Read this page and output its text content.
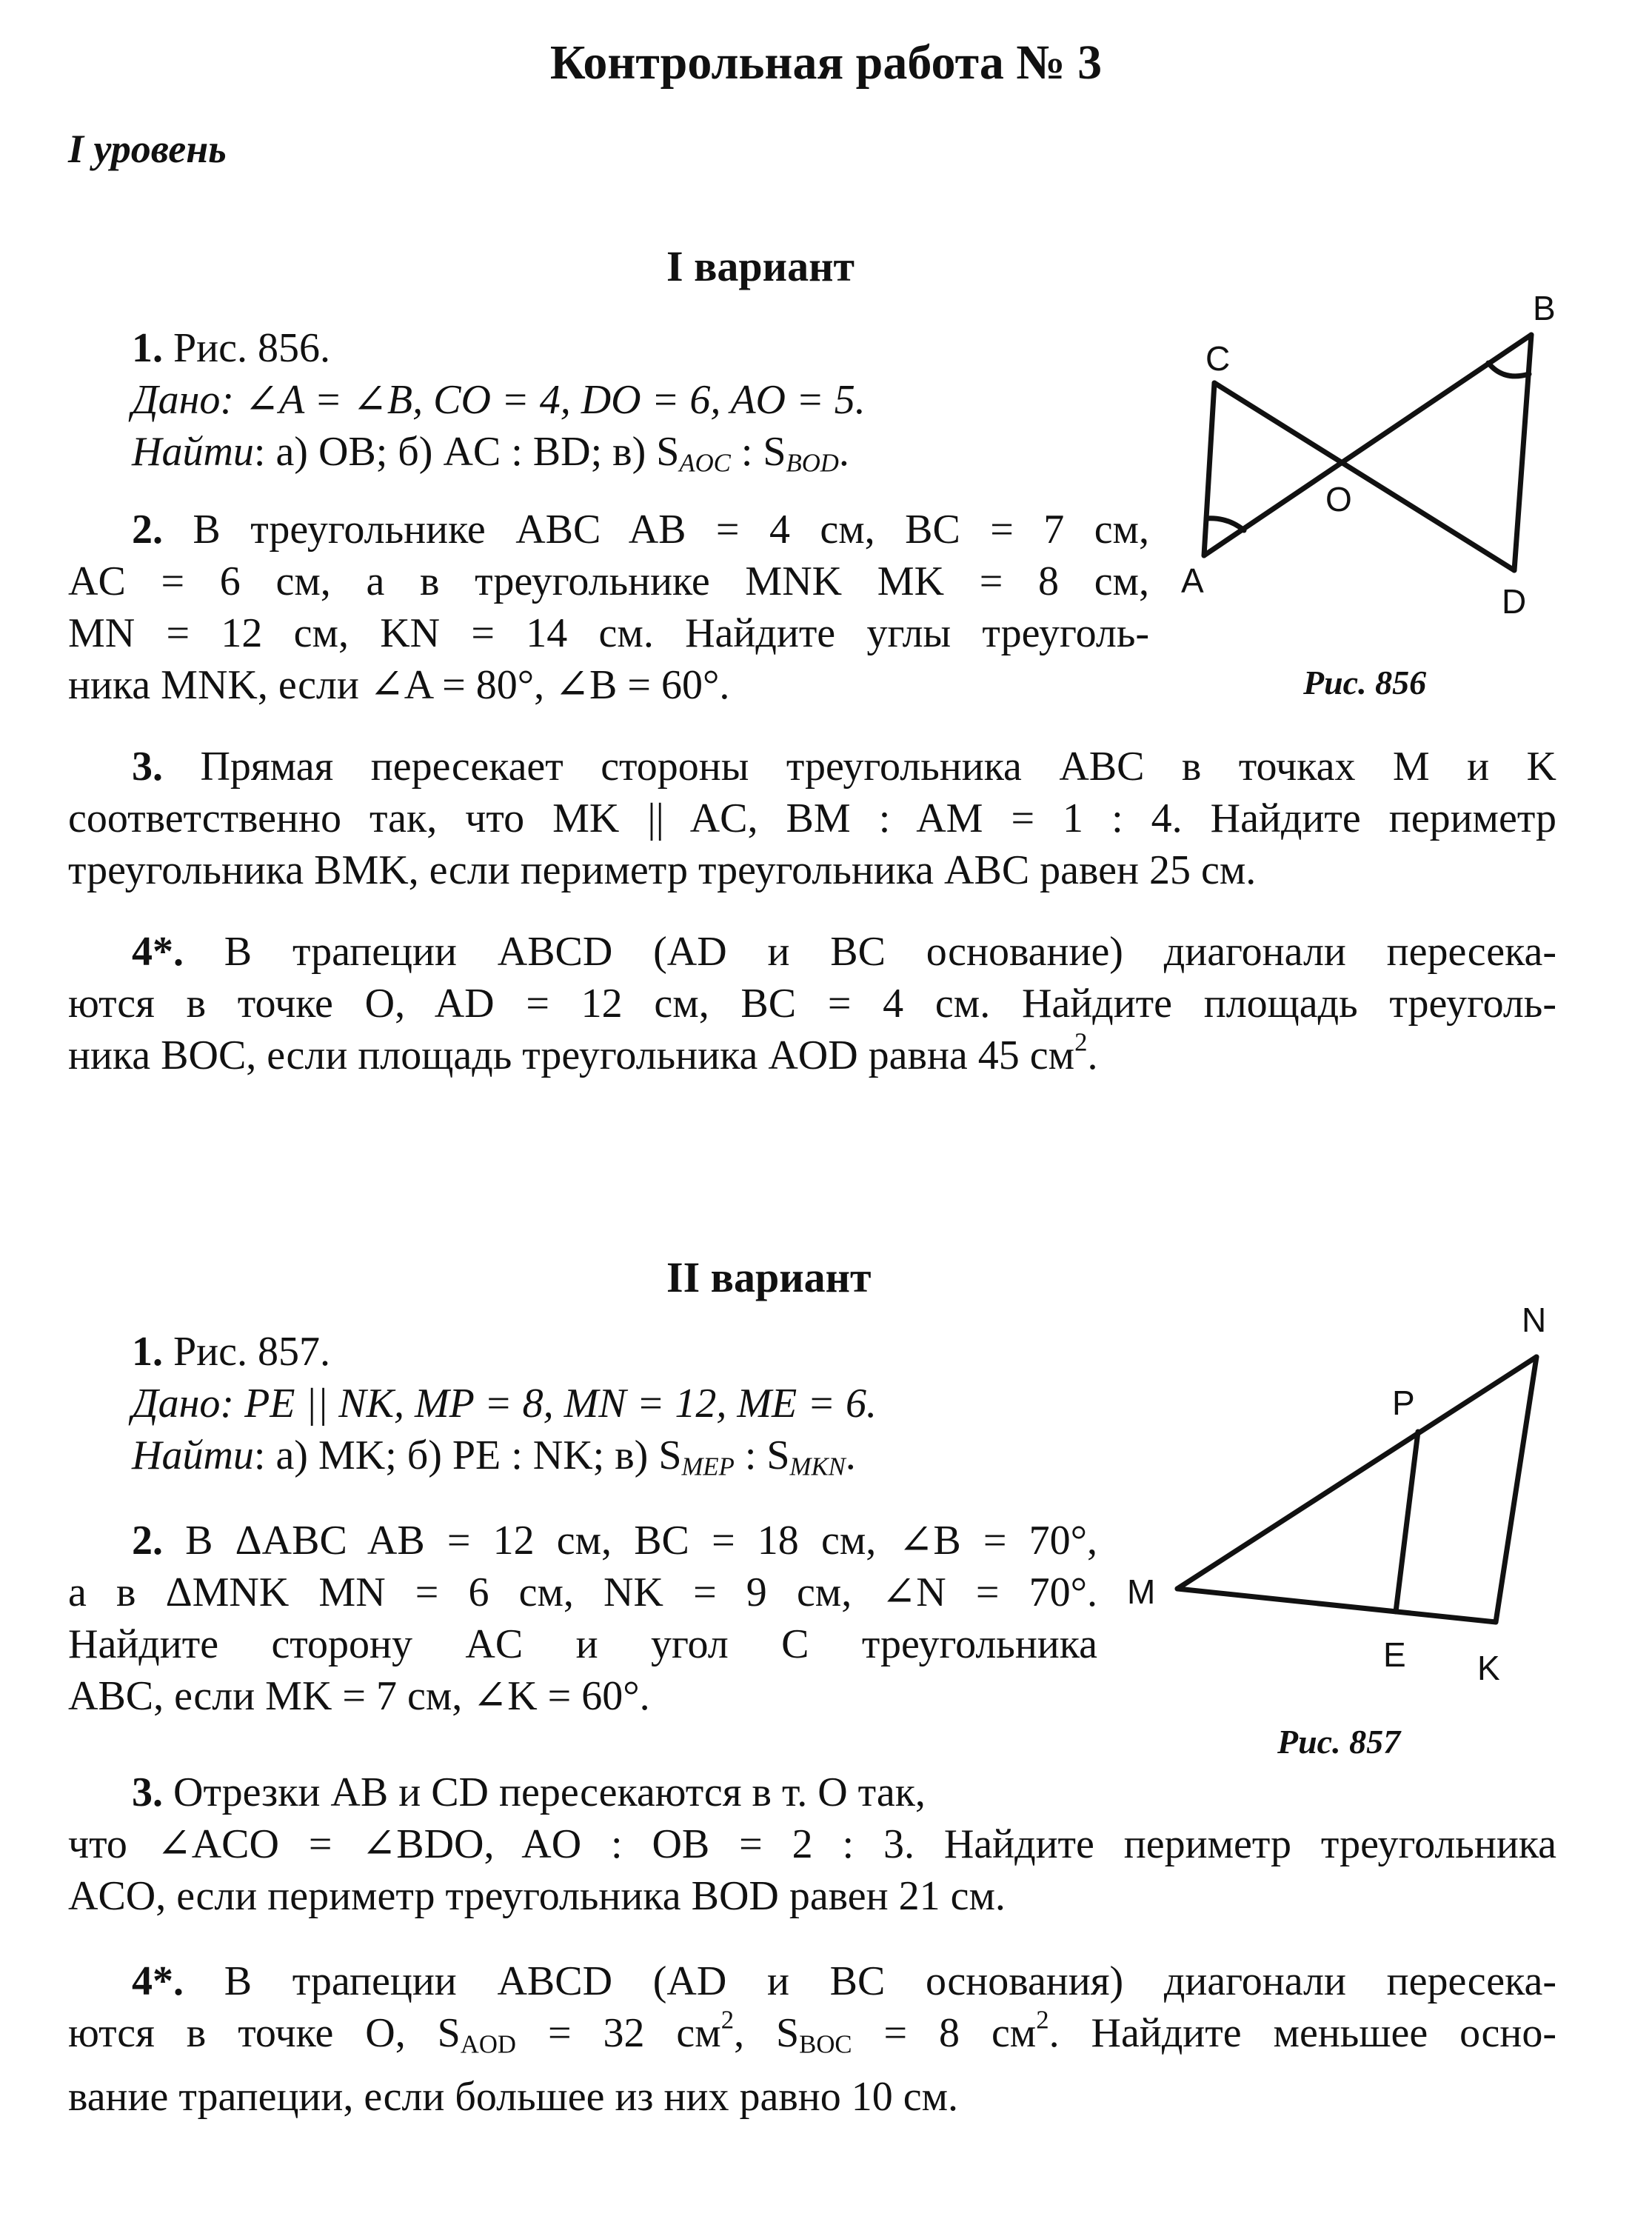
Контрольная работа № 3
I уровень
I вариант
1. Рис. 856.
Дано: ∠A = ∠B, CO = 4, DO = 6, AO = 5.
Найти: а) OB; б) AC : BD; в) $S_{AOC}$ : $S_{BOD}$.
2. В треугольнике ABC AB = 4 см, BC = 7 см,
AC = 6 см, а в треугольнике MNK MK = 8 см,
MN = 12 см, KN = 14 см. Найдите углы треуголь-
ника MNK, если ∠A = 80°, ∠B = 60°.
C
B
A
D
O
Рис. 856
3. Прямая пересекает стороны треугольника ABC в точках M и K
соответственно так, что MK || AC, BM : AM = 1 : 4. Найдите периметр
треугольника BMK, если периметр треугольника ABC равен 25 см.
4*. В трапеции ABCD (AD и BC основание) диагонали пересека-
ются в точке O, AD = 12 см, BC = 4 см. Найдите площадь треуголь-
ника BOC, если площадь треугольника AOD равна 45 $см^2$.
II вариант
1. Рис. 857.
Дано: PE || NK, MP = 8, MN = 12, ME = 6.
Найти: а) MK; б) PE : NK; в) $S_{MEP}$ : $S_{MKN}$.
2. В ΔABC AB = 12 см, BC = 18 см, ∠B = 70°,
а в ΔMNK MN = 6 см, NK = 9 см, ∠N = 70°.
Найдите сторону AC и угол C треугольника
ABC, если MK = 7 см, ∠K = 60°.
N
P
M
E K
Рис. 857
3. Отрезки AB и CD пересекаются в т. O так,
что ∠ACO = ∠BDO, AO : OB = 2 : 3. Найдите периметр треугольника
ACO, если периметр треугольника BOD равен 21 см.
4*. В трапеции ABCD (AD и BC основания) диагонали пересека-
ются в точке O, $S_{AOD} = 32$ $см^2$, $S_{BOC} = 8$ $см^2$. Найдите меньшее осно-
вание трапеции, если большее из них равно 10 см.
